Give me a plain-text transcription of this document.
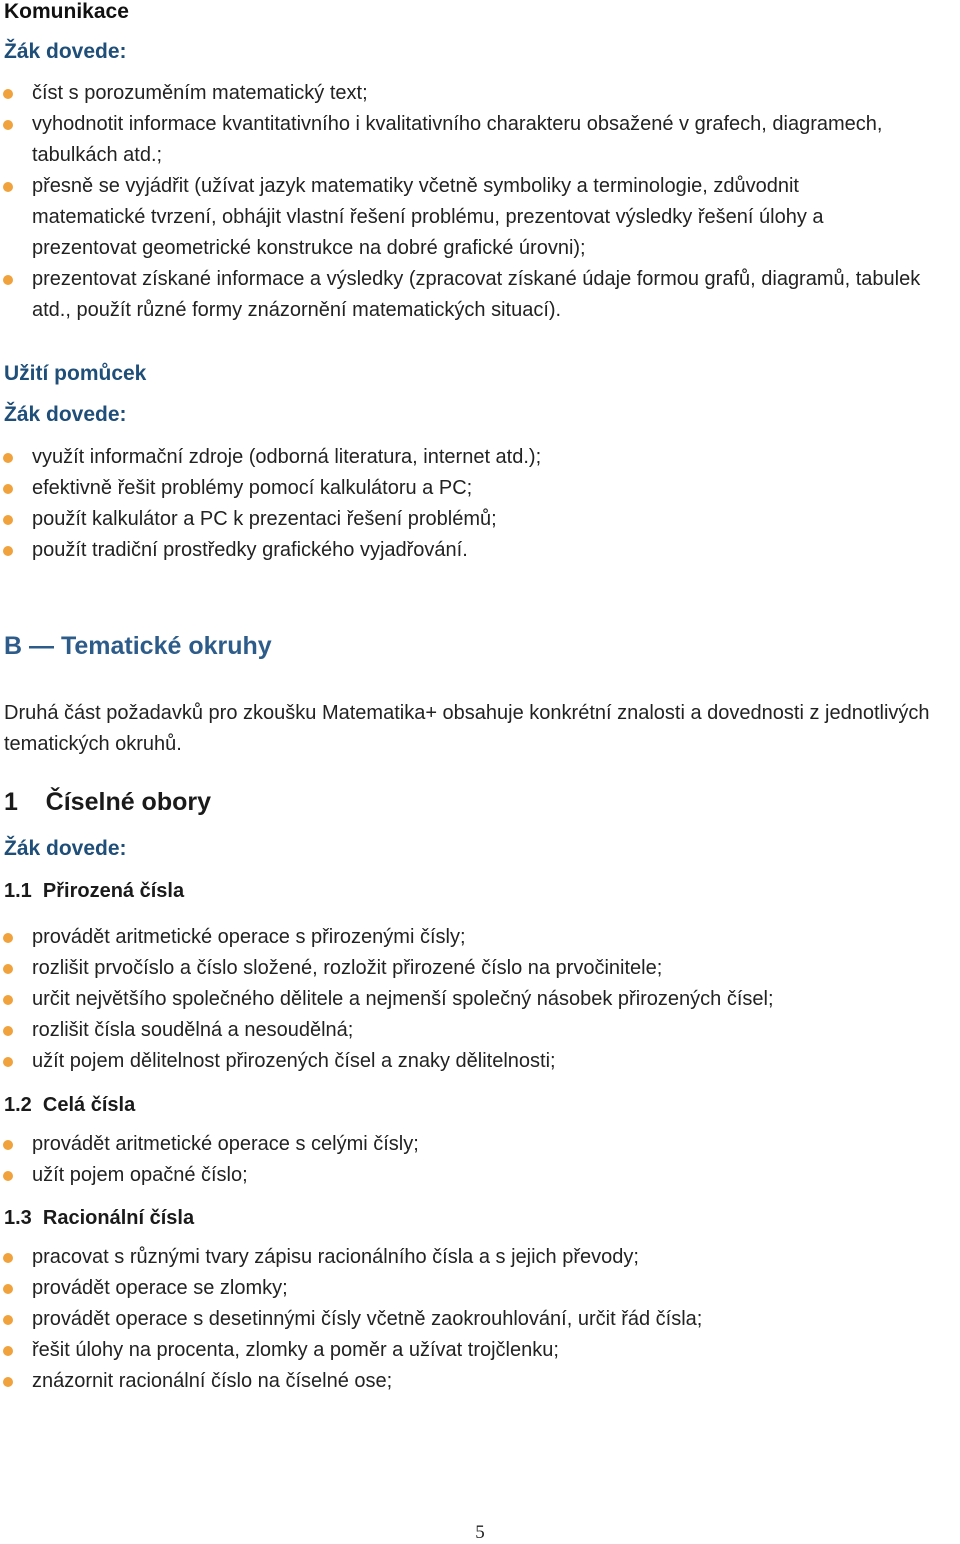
Komunikace
Žák dovede:
číst s porozuměním matematický text;
vyhodnotit informace kvantitativního i kvalitativního charakteru obsažené v grafech, diagramech, tabulkách atd.;
přesně se vyjádřit (užívat jazyk matematiky včetně symboliky a terminologie, zdůvodnit matematické tvrzení, obhájit vlastní řešení problému, prezentovat výsledky řešení úlohy a prezentovat geometrické konstrukce na dobré grafické úrovni);
prezentovat získané informace a výsledky (zpracovat získané údaje formou grafů, diagramů, tabulek atd., použít různé formy znázornění matematických situací).
Užití pomůcek
Žák dovede:
využít informační zdroje (odborná literatura, internet atd.);
efektivně řešit problémy pomocí kalkulátoru a PC;
použít kalkulátor a PC k prezentaci řešení problémů;
použít tradiční prostředky grafického vyjadřování.
B — Tematické okruhy
Druhá část požadavků pro zkoušku Matematika+ obsahuje konkrétní znalosti a dovednosti z jednotlivých tematických okruhů.
1    Číselné obory
Žák dovede:
1.1  Přirozená čísla
provádět aritmetické operace s přirozenými čísly;
rozlišit prvočíslo a číslo složené, rozložit přirozené číslo na prvočinitele;
určit největšího společného dělitele a nejmenší společný násobek přirozených čísel;
rozlišit čísla soudělná a nesoudělná;
užít pojem dělitelnost přirozených čísel a znaky dělitelnosti;
1.2  Celá čísla
provádět aritmetické operace s celými čísly;
užít pojem opačné číslo;
1.3  Racionální čísla
pracovat s různými tvary zápisu racionálního čísla a s jejich převody;
provádět operace se zlomky;
provádět operace s desetinnými čísly včetně zaokrouhlování, určit řád čísla;
řešit úlohy na procenta, zlomky a poměr a užívat trojčlenku;
znázornit racionální číslo na číselné ose;
5
